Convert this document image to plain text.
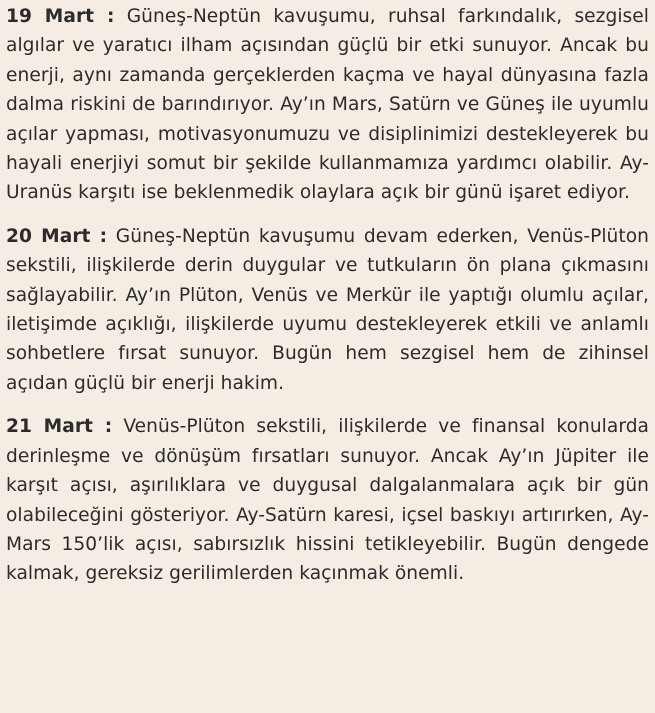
19 Mart : Güneş-Neptün kavuşumu, ruhsal farkındalık, sezgisel algılar ve yaratıcı ilham açısından güçlü bir etki sunuyor. Ancak bu enerji, aynı zamanda gerçeklerden kaçma ve hayal dünyasına fazla dalma riskini de barındırıyor. Ay’ın Mars, Satürn ve Güneş ile uyumlu açılar yapması, motivasyonumuzu ve disiplinimizi destekleyerek bu hayali enerjiyi somut bir şekilde kullanmamıza yardımcı olabilir. Ay-Uranüs karşıtı ise beklenmedik olaylara açık bir günü işaret ediyor.

20 Mart : Güneş-Neptün kavuşumu devam ederken, Venüs-Plüton sekstili, ilişkilerde derin duygular ve tutkuların ön plana çıkmasını sağlayabilir. Ay’ın Plüton, Venüs ve Merkür ile yaptığı olumlu açılar, iletişimde açıklığı, ilişkilerde uyumu destekleyerek etkili ve anlamlı sohbetlere fırsat sunuyor. Bugün hem sezgisel hem de zihinsel açıdan güçlü bir enerji hakim.

21 Mart : Venüs-Plüton sekstili, ilişkilerde ve finansal konularda derinleşme ve dönüşüm fırsatları sunuyor. Ancak Ay’ın Jüpiter ile karşıt açısı, aşırılıklara ve duygusal dalgalanmalara açık bir gün olabileceğini gösteriyor. Ay-Satürn karesi, içsel baskıyı artırırken, Ay-Mars 150’lik açısı, sabırsızlık hissini tetikleyebilir. Bugün dengede kalmak, gereksiz gerilimlerden kaçınmak önemli.
